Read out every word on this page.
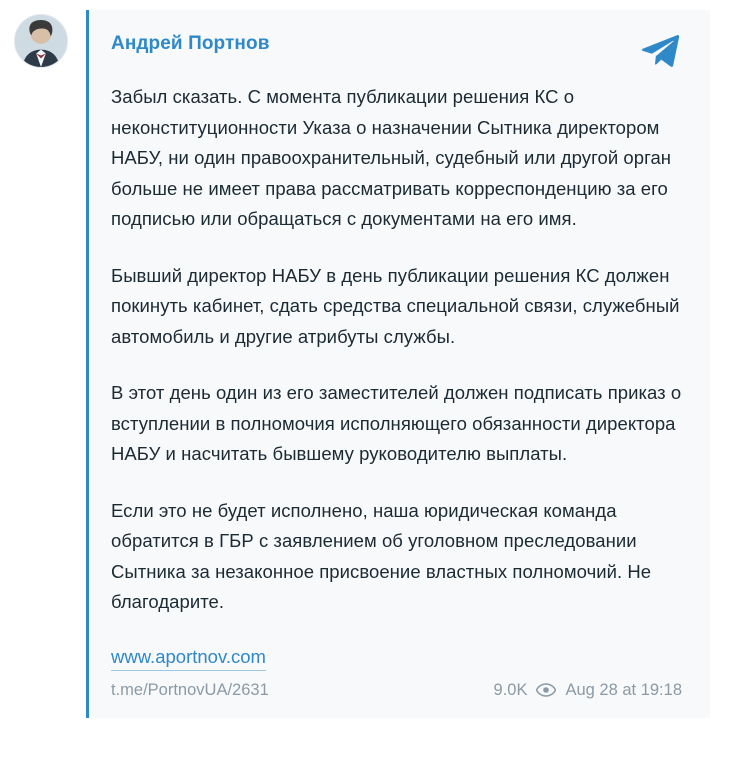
Андрей Портнов

Забыл сказать. С момента публикации решения КС о неконституционности Указа о назначении Сытника директором НАБУ, ни один правоохранительный, судебный или другой орган больше не имеет права рассматривать корреспонденцию за его подписью или обращаться с документами на его имя.

Бывший директор НАБУ в день публикации решения КС должен покинуть кабинет, сдать средства специальной связи, служебный автомобиль и другие атрибуты службы.

В этот день один из его заместителей должен подписать приказ о вступлении в полномочия исполняющего обязанности директора НАБУ и насчитать бывшему руководителю выплаты.

Если это не будет исполнено, наша юридическая команда обратится в ГБР с заявлением об уголовном преследовании Сытника за незаконное присвоение властных полномочий. Не благодарите.

www.aportnov.com
t.me/PortnovUA/2631	9.0K Aug 28 at 19:18
